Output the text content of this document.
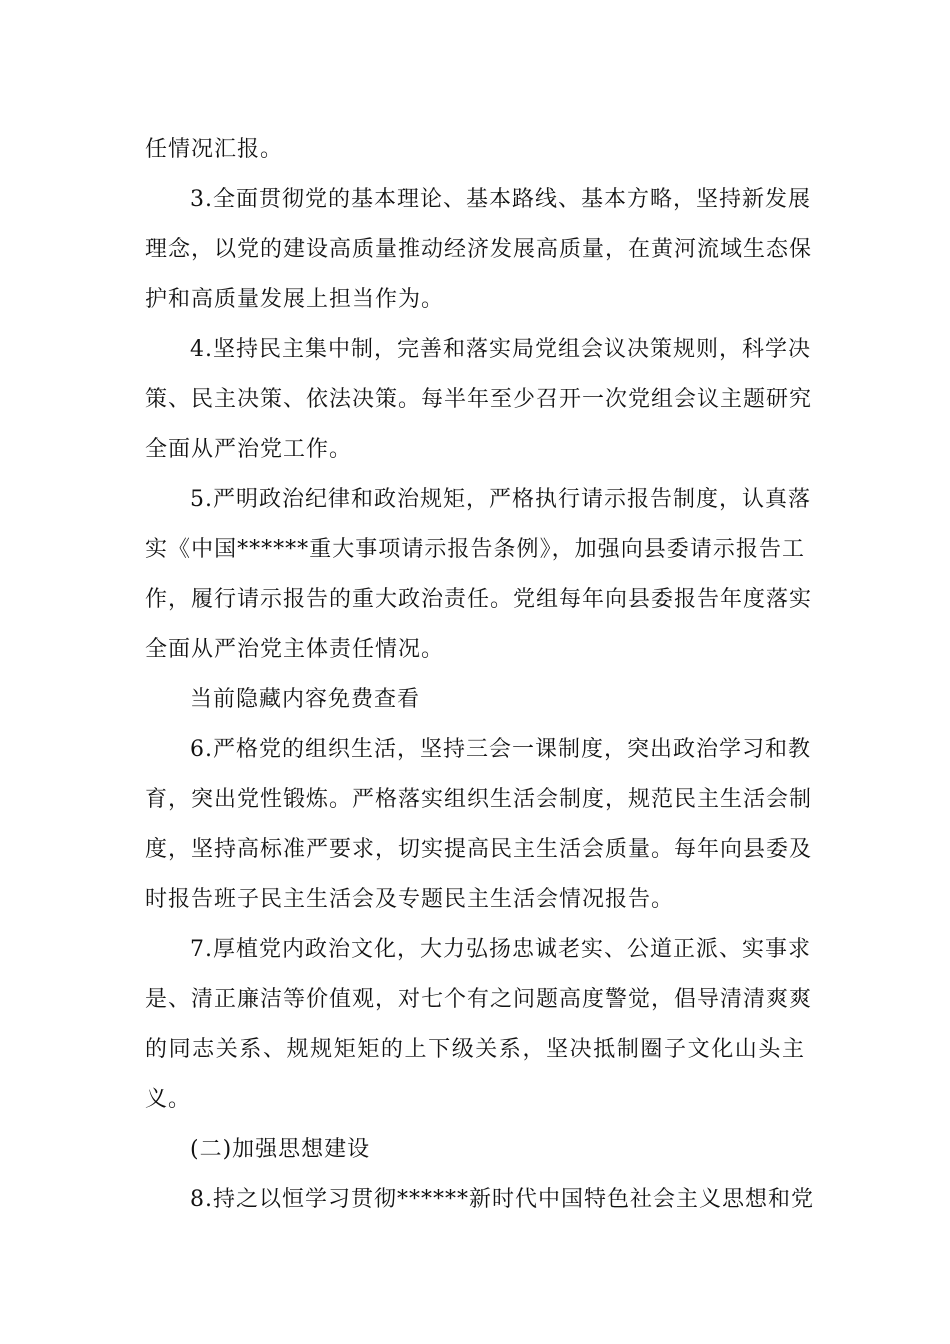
任情况汇报。
3.全面贯彻党的基本理论、基本路线、基本方略，坚持新发展
理念，以党的建设高质量推动经济发展高质量，在黄河流域生态保
护和高质量发展上担当作为。
4.坚持民主集中制，完善和落实局党组会议决策规则，科学决
策、民主决策、依法决策。每半年至少召开一次党组会议主题研究
全面从严治党工作。
5.严明政治纪律和政治规矩，严格执行请示报告制度，认真落
实《中国******重大事项请示报告条例》，加强向县委请示报告工
作，履行请示报告的重大政治责任。党组每年向县委报告年度落实
全面从严治党主体责任情况。
当前隐藏内容免费查看
6.严格党的组织生活，坚持三会一课制度，突出政治学习和教
育，突出党性锻炼。严格落实组织生活会制度，规范民主生活会制
度，坚持高标准严要求，切实提高民主生活会质量。每年向县委及
时报告班子民主生活会及专题民主生活会情况报告。
7.厚植党内政治文化，大力弘扬忠诚老实、公道正派、实事求
是、清正廉洁等价值观，对七个有之问题高度警觉，倡导清清爽爽
的同志关系、规规矩矩的上下级关系，坚决抵制圈子文化山头主
义。
(二)加强思想建设
8.持之以恒学习贯彻******新时代中国特色社会主义思想和党
